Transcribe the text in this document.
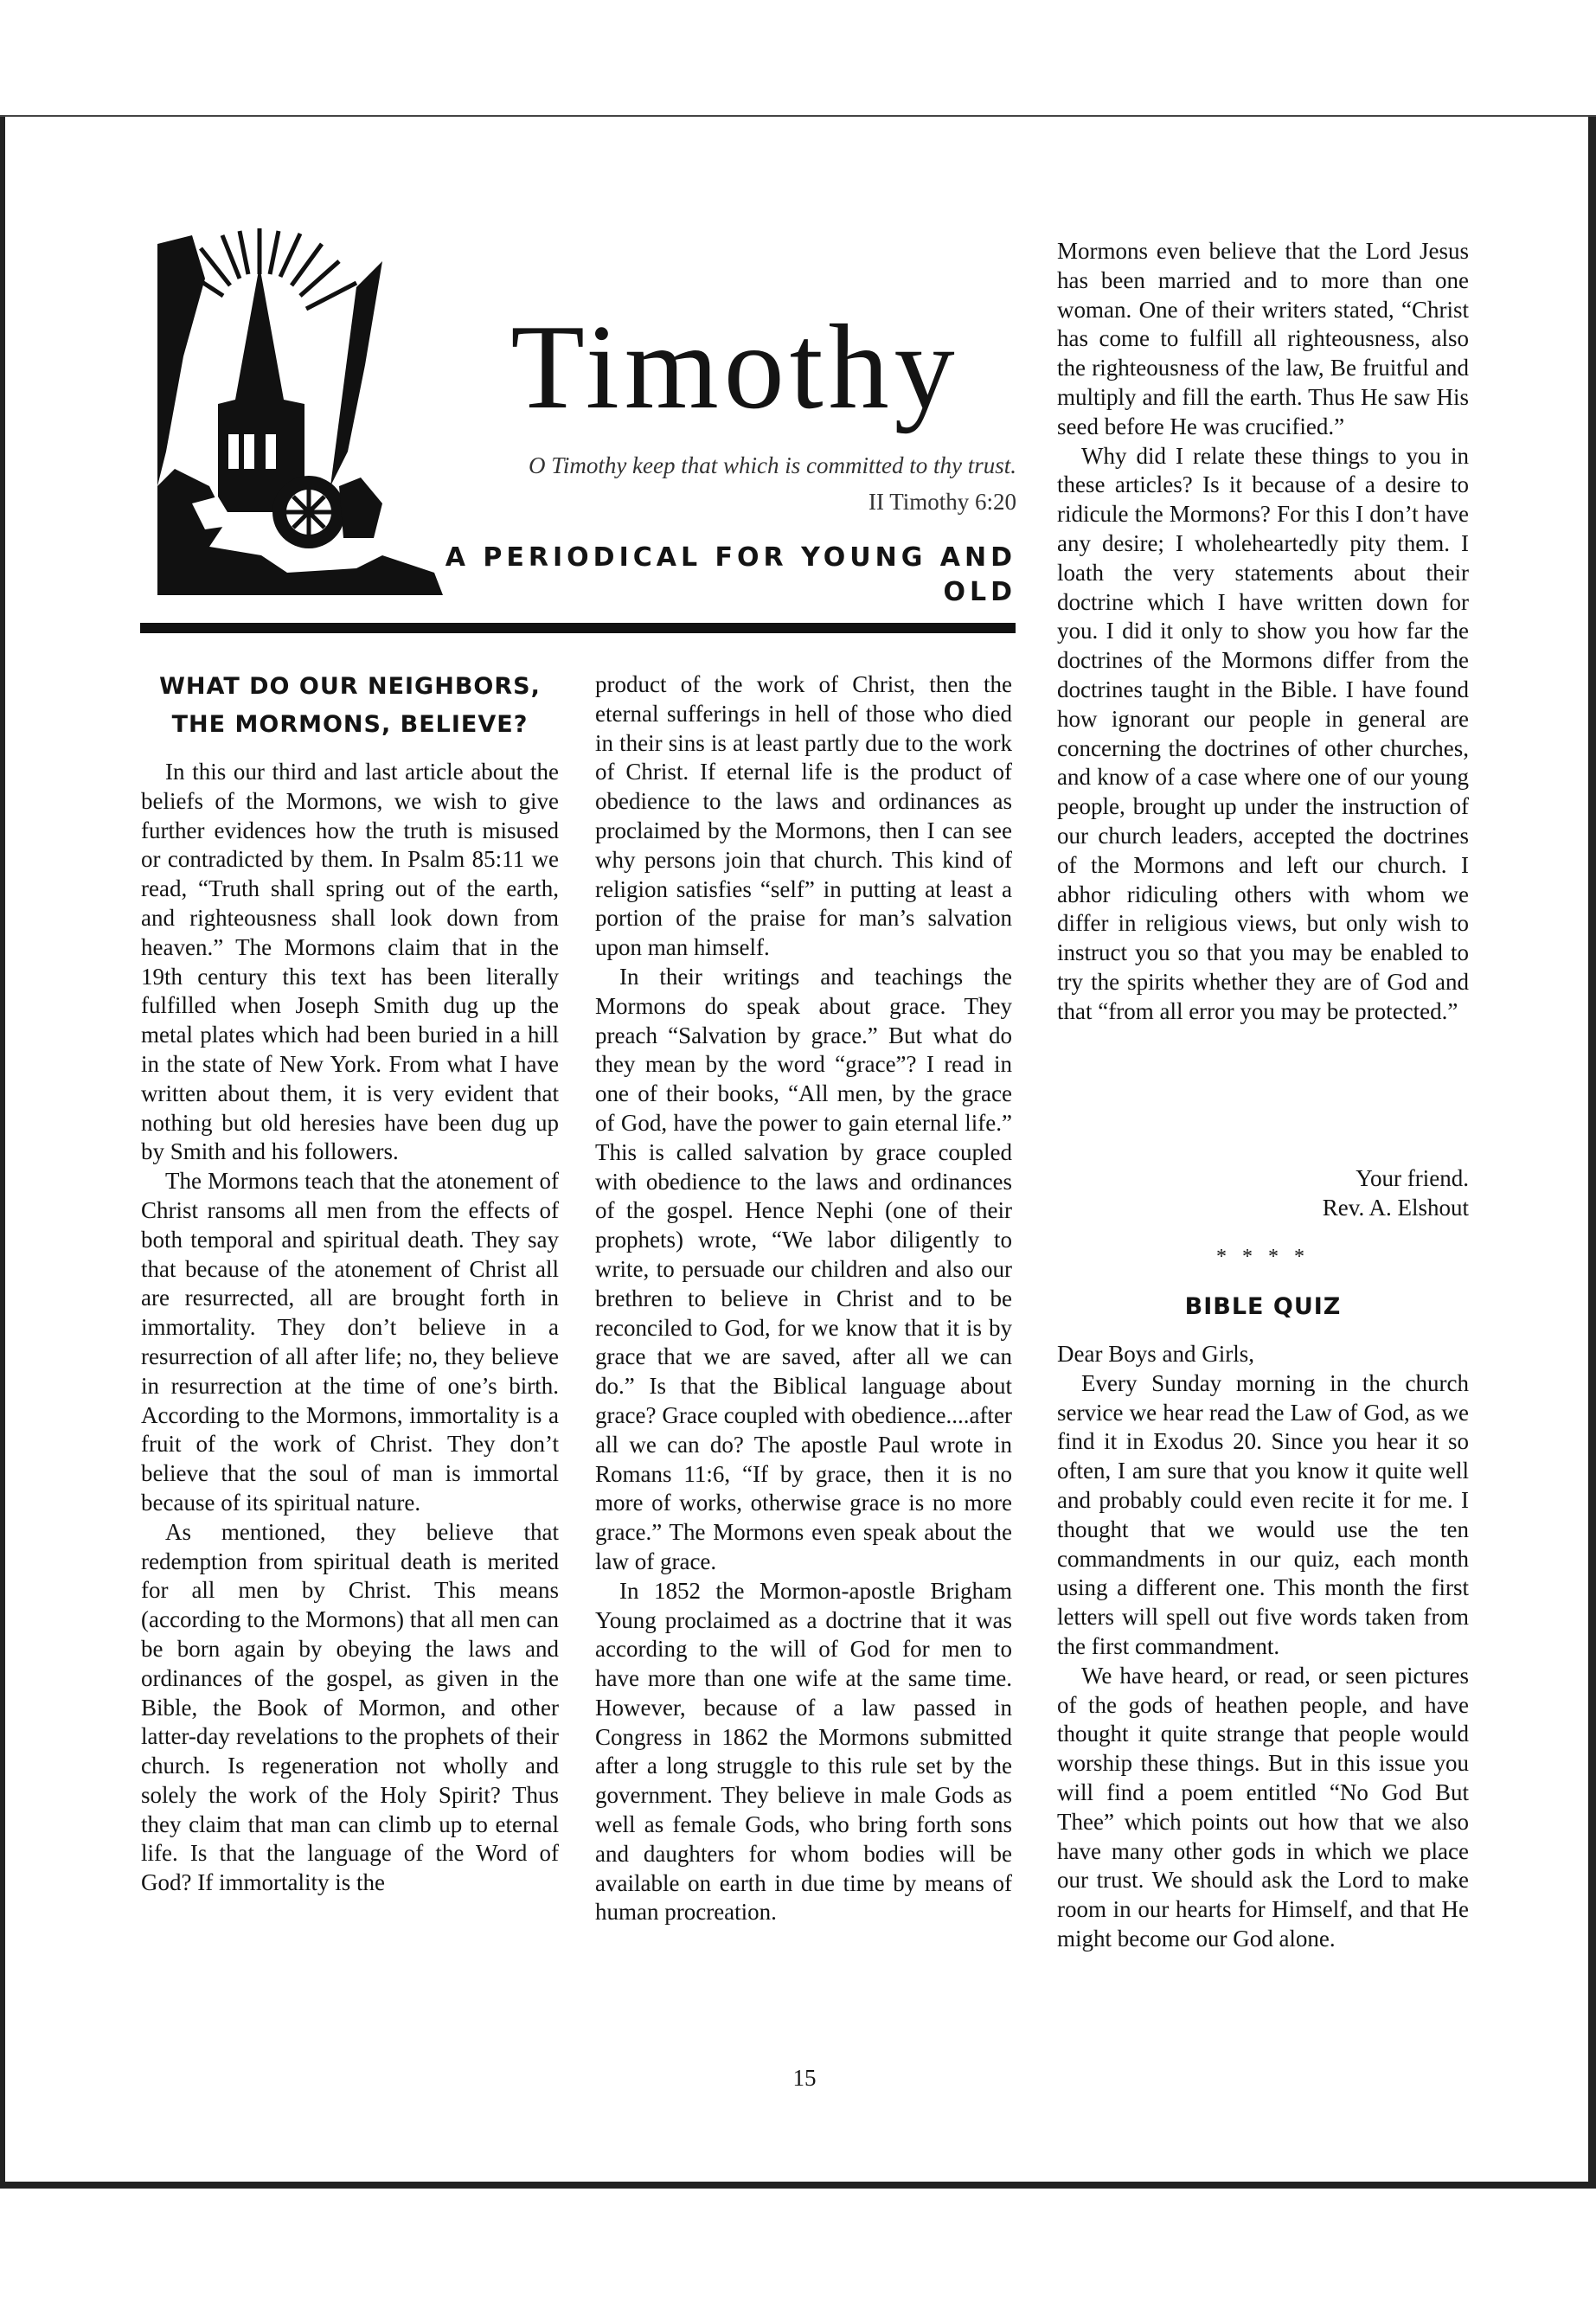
Timothy
O Timothy keep that which is committed to thy trust.
II Timothy 6:20
A PERIODICAL FOR YOUNG AND OLD
WHAT DO OUR NEIGHBORS,
THE MORMONS, BELIEVE?

In this our third and last article about the beliefs of the Mormons, we wish to give further evidences how the truth is misused or contradicted by them. In Psalm 85:11 we read, “Truth shall spring out of the earth, and righteousness shall look down from heaven.” The Mormons claim that in the 19th century this text has been literally fulfilled when Joseph Smith dug up the metal plates which had been buried in a hill in the state of New York. From what I have written about them, it is very evident that nothing but old heresies have been dug up by Smith and his followers.

The Mormons teach that the atonement of Christ ransoms all men from the effects of both temporal and spiritual death. They say that because of the atonement of Christ all are resurrected, all are brought forth in immortality. They don’t believe in a resurrection of all after life; no, they believe in resurrection at the time of one’s birth. According to the Mormons, immortality is a fruit of the work of Christ. They don’t believe that the soul of man is immortal because of its spiritual nature.

As mentioned, they believe that redemption from spiritual death is merited for all men by Christ. This means (according to the Mormons) that all men can be born again by obeying the laws and ordinances of the gospel, as given in the Bible, the Book of Mormon, and other latter-day revelations to the prophets of their church. Is regeneration not wholly and solely the work of the Holy Spirit? Thus they claim that man can climb up to eternal life. Is that the language of the Word of God? If immortality is the

product of the work of Christ, then the eternal sufferings in hell of those who died in their sins is at least partly due to the work of Christ. If eternal life is the product of obedience to the laws and ordinances as proclaimed by the Mormons, then I can see why persons join that church. This kind of religion satisfies “self” in putting at least a portion of the praise for man’s salvation upon man himself.

In their writings and teachings the Mormons do speak about grace. They preach “Salvation by grace.” But what do they mean by the word “grace”? I read in one of their books, “All men, by the grace of God, have the power to gain eternal life.” This is called salvation by grace coupled with obedience to the laws and ordinances of the gospel. Hence Nephi (one of their prophets) wrote, “We labor diligently to write, to persuade our children and also our brethren to believe in Christ and to be reconciled to God, for we know that it is by grace that we are saved, after all we can do.” Is that the Biblical language about grace? Grace coupled with obedience....after all we can do? The apostle Paul wrote in Romans 11:6, “If by grace, then it is no more of works, otherwise grace is no more grace.” The Mormons even speak about the law of grace.

In 1852 the Mormon-apostle Brigham Young proclaimed as a doctrine that it was according to the will of God for men to have more than one wife at the same time. However, because of a law passed in Congress in 1862 the Mormons submitted after a long struggle to this rule set by the government. They believe in male Gods as well as female Gods, who bring forth sons and daughters for whom bodies will be available on earth in due time by means of human procreation.

Mormons even believe that the Lord Jesus has been married and to more than one woman. One of their writers stated, “Christ has come to fulfill all righteousness, also the righteousness of the law, Be fruitful and multiply and fill the earth. Thus He saw His seed before He was crucified.”

Why did I relate these things to you in these articles? Is it because of a desire to ridicule the Mormons? For this I don’t have any desire; I wholeheartedly pity them. I loath the very statements about their doctrine which I have written down for you. I did it only to show you how far the doctrines of the Mormons differ from the doctrines taught in the Bible. I have found how ignorant our people in general are concerning the doctrines of other churches, and know of a case where one of our young people, brought up under the instruction of our church leaders, accepted the doctrines of the Mormons and left our church. I abhor ridiculing others with whom we differ in religious views, but only wish to instruct you so that you may be enabled to try the spirits whether they are of God and that “from all error you may be protected.”

Your friend.
Rev. A. Elshout
* * * *
BIBLE QUIZ

Dear Boys and Girls,

Every Sunday morning in the church service we hear read the Law of God, as we find it in Exodus 20. Since you hear it so often, I am sure that you know it quite well and probably could even recite it for me. I thought that we would use the ten commandments in our quiz, each month using a different one. This month the first letters will spell out five words taken from the first commandment.

We have heard, or read, or seen pictures of the gods of heathen people, and have thought it quite strange that people would worship these things. But in this issue you will find a poem entitled “No God But Thee” which points out how that we also have many other gods in which we place our trust. We should ask the Lord to make room in our hearts for Himself, and that He might become our God alone.

15
